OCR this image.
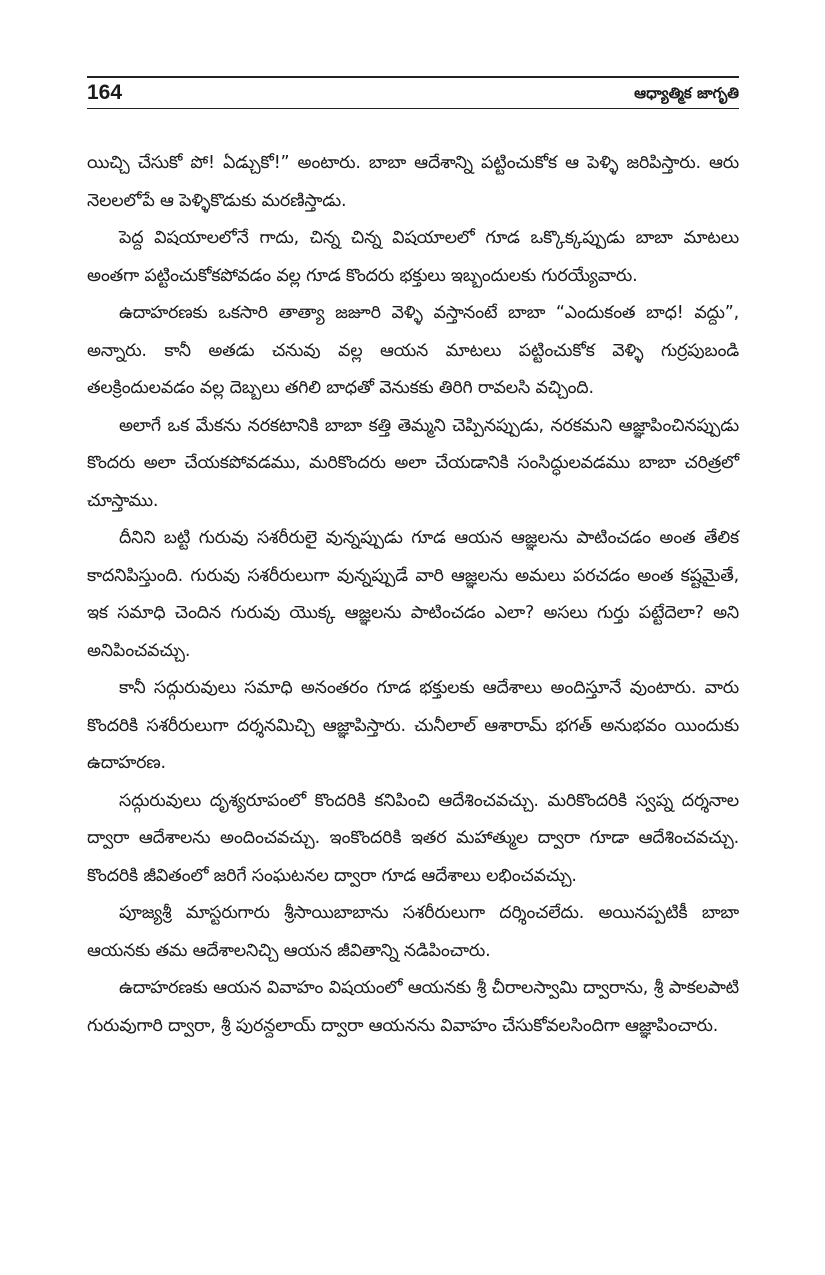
164	ఆధ్యాత్మిక జాగృతి

యిచ్చి చేసుకో పో! ఏడ్చుకో!” అంటారు. బాబా ఆదేశాన్ని పట్టించుకోక ఆ పెళ్ళి జరిపిస్తారు. ఆరు నెలలలోపే ఆ పెళ్ళికొడుకు మరణిస్తాడు.

పెద్ద విషయాలలోనే గాదు, చిన్న చిన్న విషయాలలో గూడ ఒక్కొక్కప్పుడు బాబా మాటలు అంతగా పట్టించుకోకపోవడం వల్ల గూడ కొందరు భక్తులు ఇబ్బందులకు గురయ్యేవారు.

ఉదాహరణకు ఒకసారి తాత్యా జజూరి వెళ్ళి వస్తానంటే బాబా “ఎందుకంత బాధ! వద్దు”, అన్నారు. కానీ అతడు చనువు వల్ల ఆయన మాటలు పట్టించుకోక వెళ్ళి గుర్రపుబండి తలక్రిందులవడం వల్ల దెబ్బలు తగిలి బాధతో వెనుకకు తిరిగి రావలసి వచ్చింది.

అలాగే ఒక మేకను నరకటానికి బాబా కత్తి తెమ్మని చెప్పినప్పుడు, నరకమని ఆజ్ఞాపించినప్పుడు కొందరు అలా చేయకపోవడము, మరికొందరు అలా చేయడానికి సంసిద్ధులవడము బాబా చరిత్రలో చూస్తాము.

దీనిని బట్టి గురువు సశరీరులై వున్నప్పుడు గూడ ఆయన ఆజ్ఞలను పాటించడం అంత తేలిక కాదనిపిస్తుంది. గురువు సశరీరులుగా వున్నప్పుడే వారి ఆజ్ఞలను అమలు పరచడం అంత కష్టమైతే, ఇక సమాధి చెందిన గురువు యొక్క ఆజ్ఞలను పాటించడం ఎలా? అసలు గుర్తు పట్టేదెలా? అని అనిపించవచ్చు.

కానీ సద్గురువులు సమాధి అనంతరం గూడ భక్తులకు ఆదేశాలు అందిస్తూనే వుంటారు. వారు కొందరికి సశరీరులుగా దర్శనమిచ్చి ఆజ్ఞాపిస్తారు. చునీలాల్ ఆశారామ్ భగత్ అనుభవం యిందుకు ఉదాహరణ.

సద్గురువులు దృశ్యరూపంలో కొందరికి కనిపించి ఆదేశించవచ్చు. మరికొందరికి స్వప్న దర్శనాల ద్వారా ఆదేశాలను అందించవచ్చు. ఇంకొందరికి ఇతర మహాత్ముల ద్వారా గూడా ఆదేశించవచ్చు. కొందరికి జీవితంలో జరిగే సంఘటనల ద్వారా గూడ ఆదేశాలు లభించవచ్చు.

పూజ్యశ్రీ మాస్టరుగారు శ్రీసాయిబాబాను సశరీరులుగా దర్శించలేదు. అయినప్పటికీ బాబా ఆయనకు తమ ఆదేశాలనిచ్చి ఆయన జీవితాన్ని నడిపించారు.

ఉదాహరణకు ఆయన వివాహం విషయంలో ఆయనకు శ్రీ చీరాలస్వామి ద్వారాను, శ్రీ పాకలపాటి గురువుగారి ద్వారా, శ్రీ పురన్దలాయ్ ద్వారా ఆయనను వివాహం చేసుకోవలసిందిగా ఆజ్ఞాపించారు.
